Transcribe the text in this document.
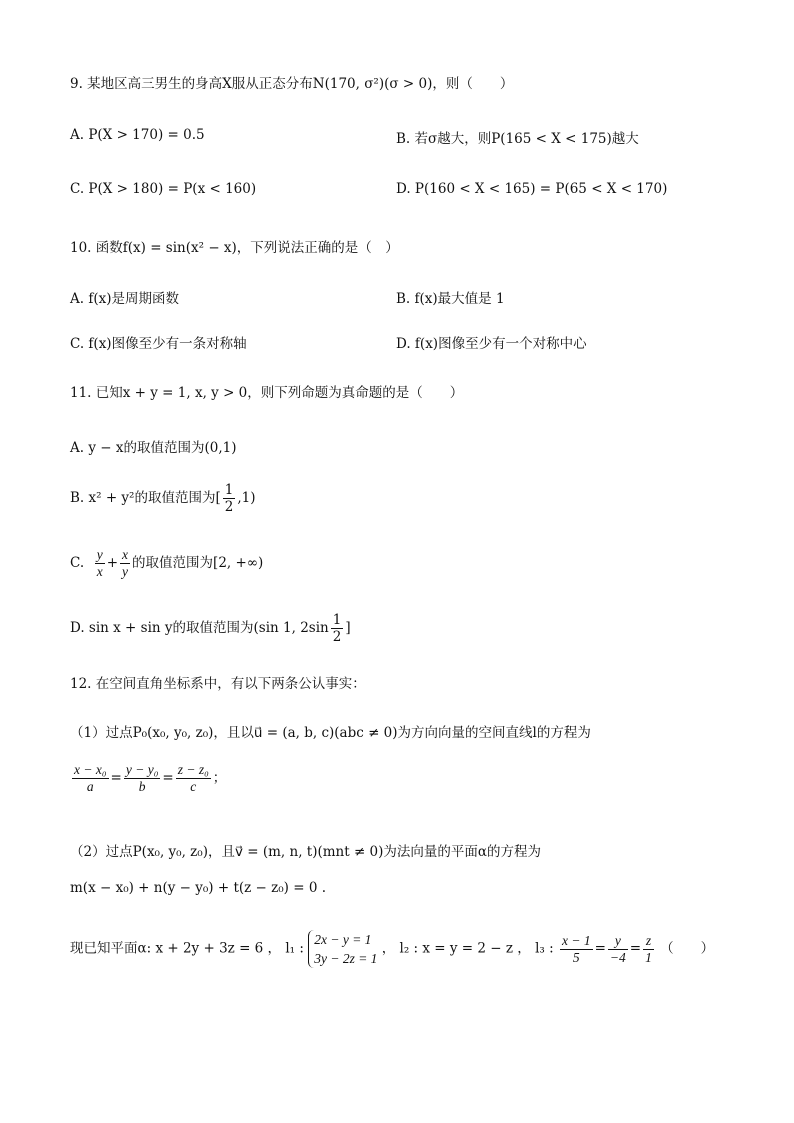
9. 某地区高三男生的身高X服从正态分布N(170, σ²)(σ > 0)，则（　　）
A. P(X > 170) = 0.5	B. 若σ越大，则P(165 < X < 175)越大
C. P(X > 180) = P(x < 160)	D. P(160 < X < 165) = P(65 < X < 170)
10. 函数f(x) = sin(x² − x)，下列说法正确的是（　）
A. f(x)是周期函数	B. f(x)最大值是 1
C. f(x)图像至少有一条对称轴	D. f(x)图像至少有一个对称中心
11. 已知x + y = 1, x, y > 0，则下列命题为真命题的是（　　）
A. y − x的取值范围为(0,1)
B. x² + y²的取值范围为[ $\frac{1}{2} ,1$)
C. $\frac{y}{x} + \frac{x}{y}$ 的取值范围为[2, +∞)
D. sin x + sin y的取值范围为(sin 1, $2\sin \frac{1}{2}$ ]
12. 在空间直角坐标系中，有以下两条公认事实：
（1）过点P₀(x₀, y₀, z₀)，且以u⃗ = (a, b, c)(abc ≠ 0)为方向向量的空间直线l的方程为
$\frac{\text{x − x₀}}{a} = \frac{\text{y − y₀}}{b} = \frac{\text{z − z₀}}{c}$ ；
（2）过点P(x₀, y₀, z₀)，且v⃗ = (m, n, t)(mnt ≠ 0)为法向量的平面α的方程为
m(x − x₀) + n(y − y₀) + t(z − z₀) = 0 .
现已知平面α: x + 2y + 3z = 6 ， l₁ :
2x − y = 1
3y − 2z = 1
， l₂ : x = y = 2 − z ， l₃ : $\frac{x - 1}{5} = \frac{y}{-4} = \frac{z}{1}$ （　　）
